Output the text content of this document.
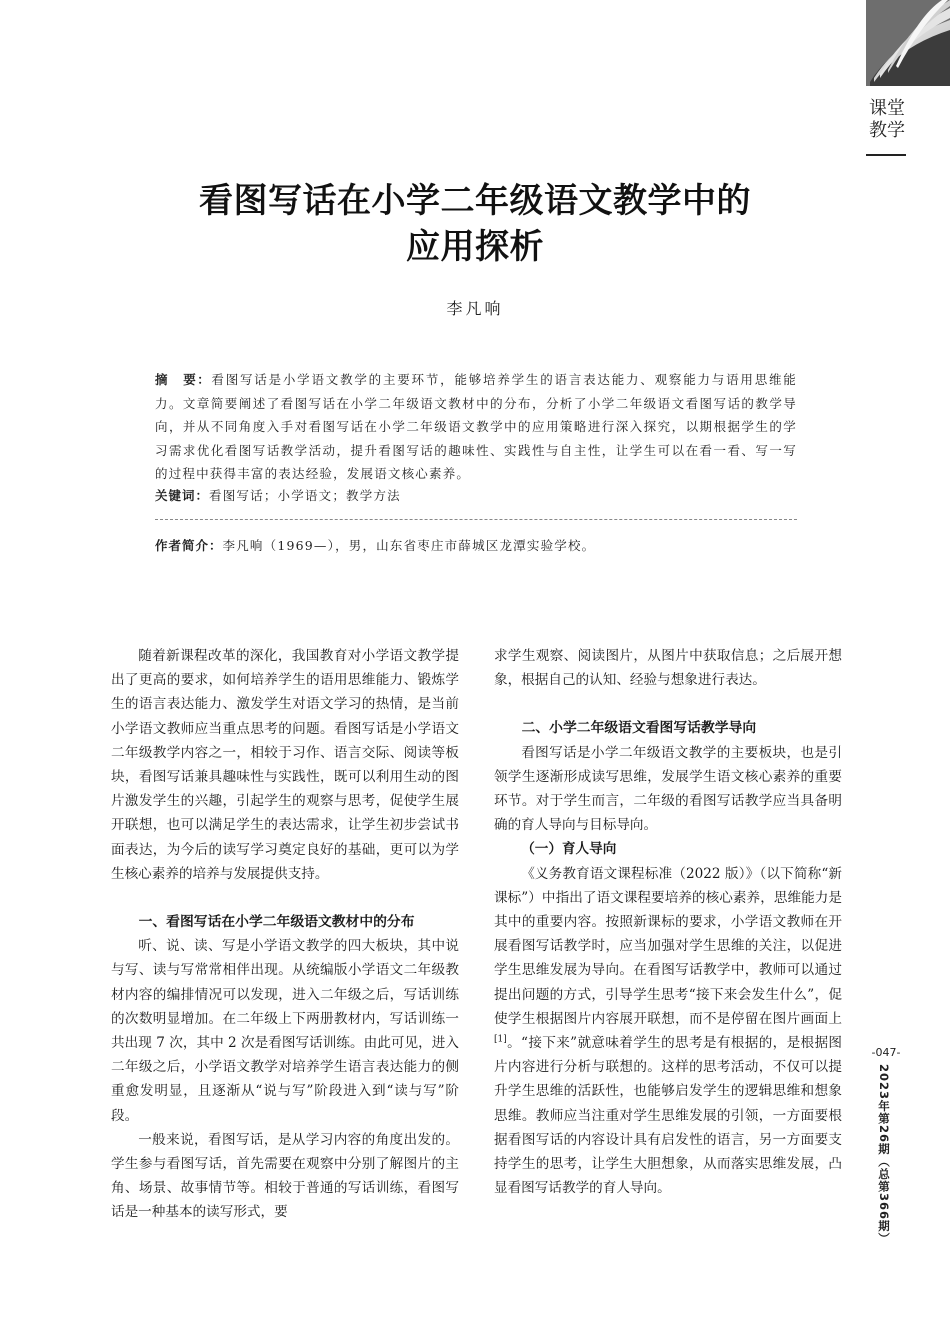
课堂
教学
看图写话在小学二年级语文教学中的
应用探析
李凡响
摘　要：看图写话是小学语文教学的主要环节，能够培养学生的语言表达能力、观察能力与语用思维能力。文章简要阐述了看图写话在小学二年级语文教材中的分布，分析了小学二年级语文看图写话的教学导向，并从不同角度入手对看图写话在小学二年级语文教学中的应用策略进行深入探究，以期根据学生的学习需求优化看图写话教学活动，提升看图写话的趣味性、实践性与自主性，让学生可以在看一看、写一写的过程中获得丰富的表达经验，发展语文核心素养。
关键词：看图写话；小学语文；教学方法
作者简介：李凡响（1969—），男，山东省枣庄市薛城区龙潭实验学校。

随着新课程改革的深化，我国教育对小学语文教学提出了更高的要求，如何培养学生的语用思维能力、锻炼学生的语言表达能力、激发学生对语文学习的热情，是当前小学语文教师应当重点思考的问题。看图写话是小学语文二年级教学内容之一，相较于习作、语言交际、阅读等板块，看图写话兼具趣味性与实践性，既可以利用生动的图片激发学生的兴趣，引起学生的观察与思考，促使学生展开联想，也可以满足学生的表达需求，让学生初步尝试书面表达，为今后的读写学习奠定良好的基础，更可以为学生核心素养的培养与发展提供支持。

一、看图写话在小学二年级语文教材中的分布

听、说、读、写是小学语文教学的四大板块，其中说与写、读与写常常相伴出现。从统编版小学语文二年级教材内容的编排情况可以发现，进入二年级之后，写话训练的次数明显增加。在二年级上下两册教材内，写话训练一共出现 7 次，其中 2 次是看图写话训练。由此可见，进入二年级之后，小学语文教学对培养学生语言表达能力的侧重愈发明显，且逐渐从“说与写”阶段进入到“读与写”阶段。

一般来说，看图写话，是从学习内容的角度出发的。学生参与看图写话，首先需要在观察中分别了解图片的主角、场景、故事情节等。相较于普通的写话训练，看图写话是一种基本的读写形式，要

求学生观察、阅读图片，从图片中获取信息；之后展开想象，根据自己的认知、经验与想象进行表达。

二、小学二年级语文看图写话教学导向

看图写话是小学二年级语文教学的主要板块，也是引领学生逐渐形成读写思维，发展学生语文核心素养的重要环节。对于学生而言，二年级的看图写话教学应当具备明确的育人导向与目标导向。

（一）育人导向

《义务教育语文课程标准（2022 版）》（以下简称“新课标”）中指出了语文课程要培养的核心素养，思维能力是其中的重要内容。按照新课标的要求，小学语文教师在开展看图写话教学时，应当加强对学生思维的关注，以促进学生思维发展为导向。在看图写话教学中，教师可以通过提出问题的方式，引导学生思考“接下来会发生什么”，促使学生根据图片内容展开联想，而不是停留在图片画面上[1]。“接下来”就意味着学生的思考是有根据的，是根据图片内容进行分析与联想的。这样的思考活动，不仅可以提升学生思维的活跃性，也能够启发学生的逻辑思维和想象思维。教师应当注重对学生思维发展的引领，一方面要根据看图写话的内容设计具有启发性的语言，另一方面要支持学生的思考，让学生大胆想象，从而落实思维发展，凸显看图写话教学的育人导向。

-047-
2023年第26期（总第366期）
